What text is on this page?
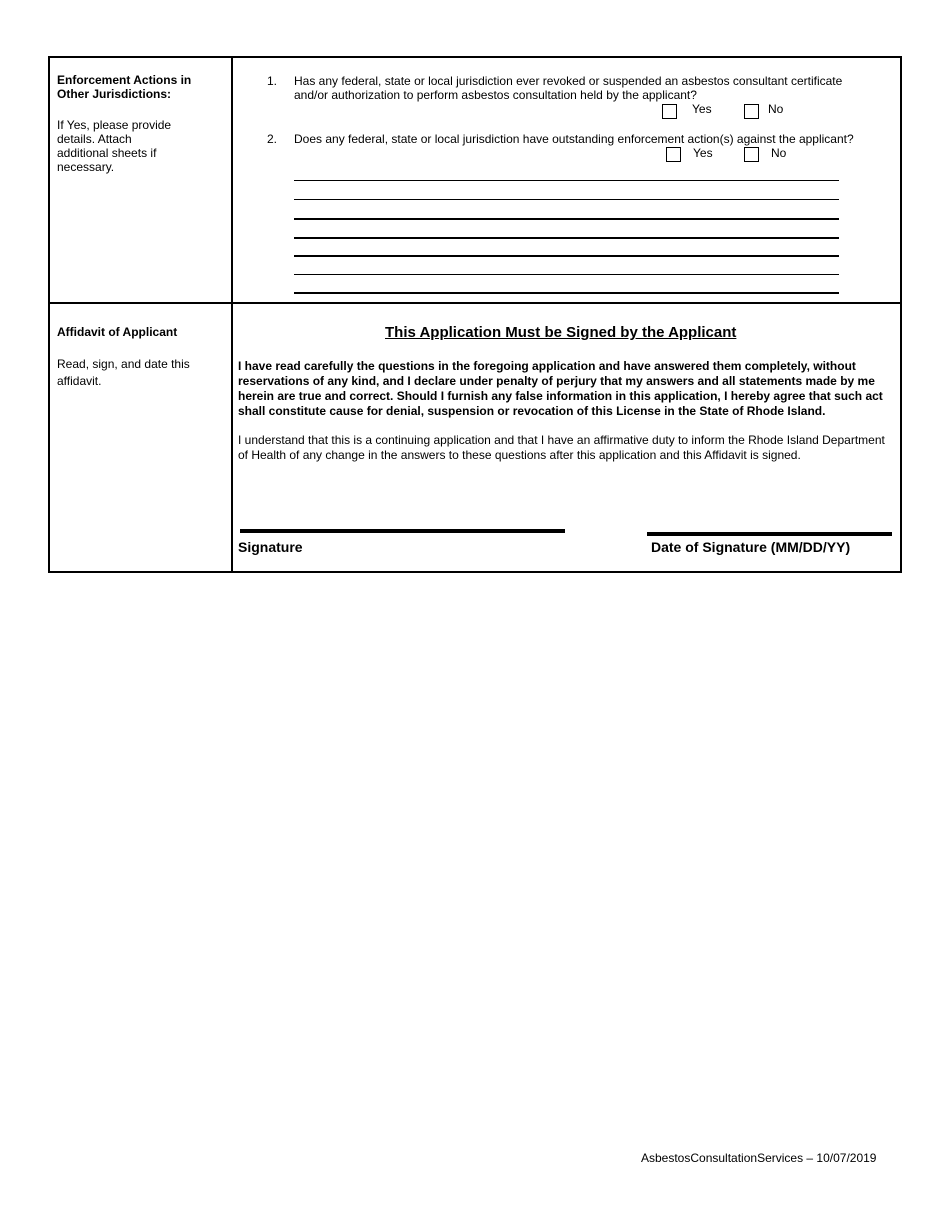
Enforcement Actions in
Other Jurisdictions:
If Yes, please provide
details. Attach
additional sheets if
necessary.
1. Has any federal, state or local jurisdiction ever revoked or suspended an asbestos consultant certificate
and/or authorization to perform asbestos consultation held by the applicant?
Yes	No
2. Does any federal, state or local jurisdiction have outstanding enforcement action(s) against the applicant?
Yes	No
Affidavit of Applicant
Read, sign, and date this
affidavit.
This Application Must be Signed by the Applicant
I have read carefully the questions in the foregoing application and have answered them completely, without reservations of any kind, and I declare under penalty of perjury that my answers and all statements made by me herein are true and correct. Should I furnish any false information in this application, I hereby agree that such act shall constitute cause for denial, suspension or revocation of this License in the State of Rhode Island.
I understand that this is a continuing application and that I have an affirmative duty to inform the Rhode Island Department of Health of any change in the answers to these questions after this application and this Affidavit is signed.
Signature	Date of Signature (MM/DD/YY)
AsbestosConsultationServices – 10/07/2019
